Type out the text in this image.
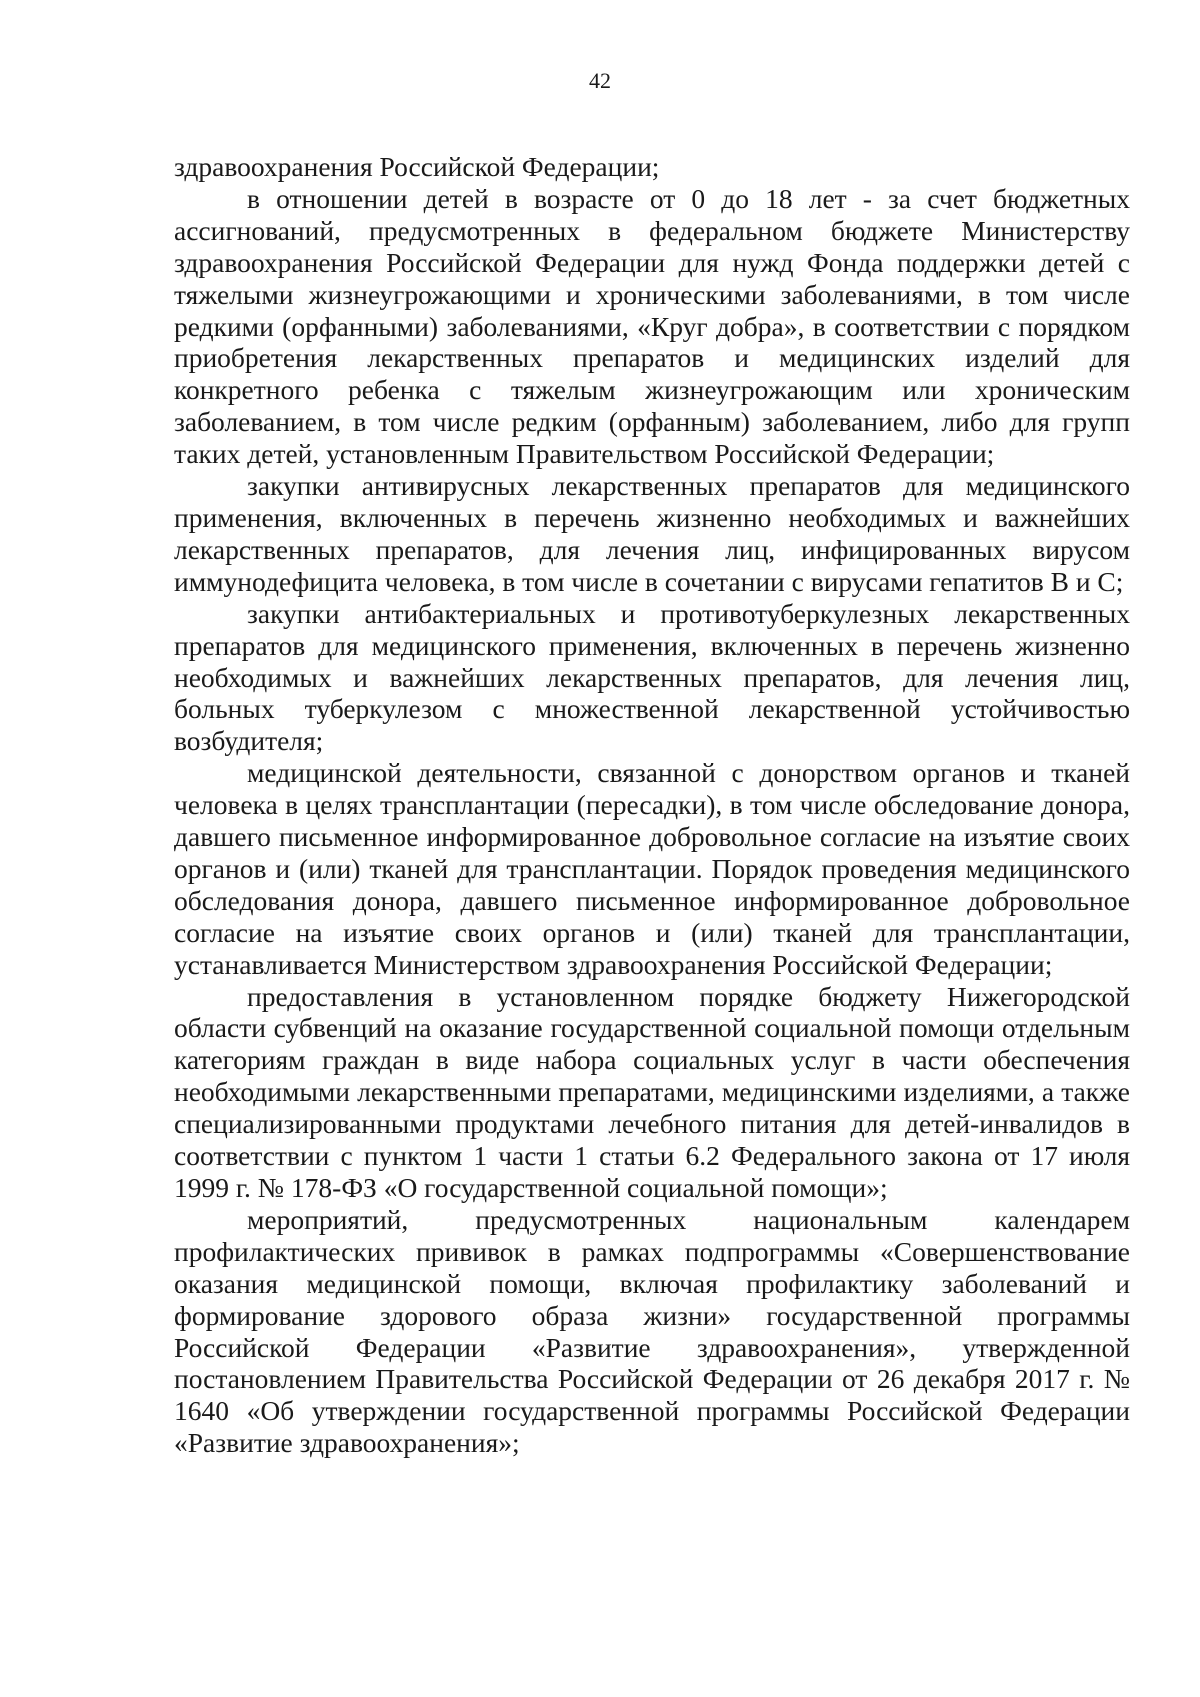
42

здравоохранения Российской Федерации;

в отношении детей в возрасте от 0 до 18 лет - за счет бюджетных ассигнований, предусмотренных в федеральном бюджете Министерству здравоохранения Российской Федерации для нужд Фонда поддержки детей с тяжелыми жизнеугрожающими и хроническими заболеваниями, в том числе редкими (орфанными) заболеваниями, «Круг добра», в соответствии с порядком приобретения лекарственных препаратов и медицинских изделий для конкретного ребенка с тяжелым жизнеугрожающим или хроническим заболеванием, в том числе редким (орфанным) заболеванием, либо для групп таких детей, установленным Правительством Российской Федерации;

закупки антивирусных лекарственных препаратов для медицинского применения, включенных в перечень жизненно необходимых и важнейших лекарственных препаратов, для лечения лиц, инфицированных вирусом иммунодефицита человека, в том числе в сочетании с вирусами гепатитов В и С;

закупки антибактериальных и противотуберкулезных лекарственных препаратов для медицинского применения, включенных в перечень жизненно необходимых и важнейших лекарственных препаратов, для лечения лиц, больных туберкулезом с множественной лекарственной устойчивостью возбудителя;

медицинской деятельности, связанной с донорством органов и тканей человека в целях трансплантации (пересадки), в том числе обследование донора, давшего письменное информированное добровольное согласие на изъятие своих органов и (или) тканей для трансплантации. Порядок проведения медицинского обследования донора, давшего письменное информированное добровольное согласие на изъятие своих органов и (или) тканей для трансплантации, устанавливается Министерством здравоохранения Российской Федерации;

предоставления в установленном порядке бюджету Нижегородской области субвенций на оказание государственной социальной помощи отдельным категориям граждан в виде набора социальных услуг в части обеспечения необходимыми лекарственными препаратами, медицинскими изделиями, а также специализированными продуктами лечебного питания для детей-инвалидов в соответствии с пунктом 1 части 1 статьи 6.2 Федерального закона от 17 июля 1999 г. № 178-ФЗ «О государственной социальной помощи»;

мероприятий, предусмотренных национальным календарем профилактических прививок в рамках подпрограммы «Совершенствование оказания медицинской помощи, включая профилактику заболеваний и формирование здорового образа жизни» государственной программы Российской Федерации «Развитие здравоохранения», утвержденной постановлением Правительства Российской Федерации от 26 декабря 2017 г. № 1640 «Об утверждении государственной программы Российской Федерации «Развитие здравоохранения»;
